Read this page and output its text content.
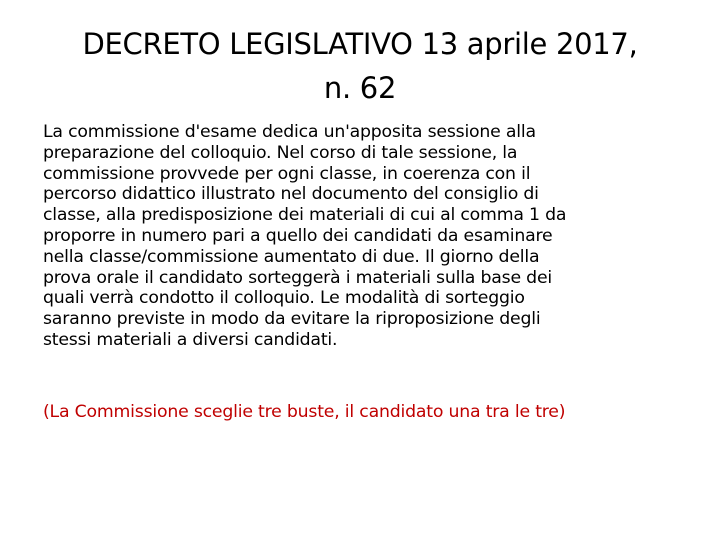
DECRETO LEGISLATIVO 13 aprile 2017,
n. 62
La commissione d'esame dedica un'apposita sessione alla
preparazione del colloquio. Nel corso di tale sessione, la
commissione provvede per ogni classe, in coerenza con il
percorso didattico illustrato nel documento del consiglio di
classe, alla predisposizione dei materiali di cui al comma 1 da
proporre in numero pari a quello dei candidati da esaminare
nella classe/commissione aumentato di due. Il giorno della
prova orale il candidato sorteggerà i materiali sulla base dei
quali verrà condotto il colloquio. Le modalità di sorteggio
saranno previste in modo da evitare la riproposizione degli
stessi materiali a diversi candidati.
(La Commissione sceglie tre buste, il candidato una tra le tre)
